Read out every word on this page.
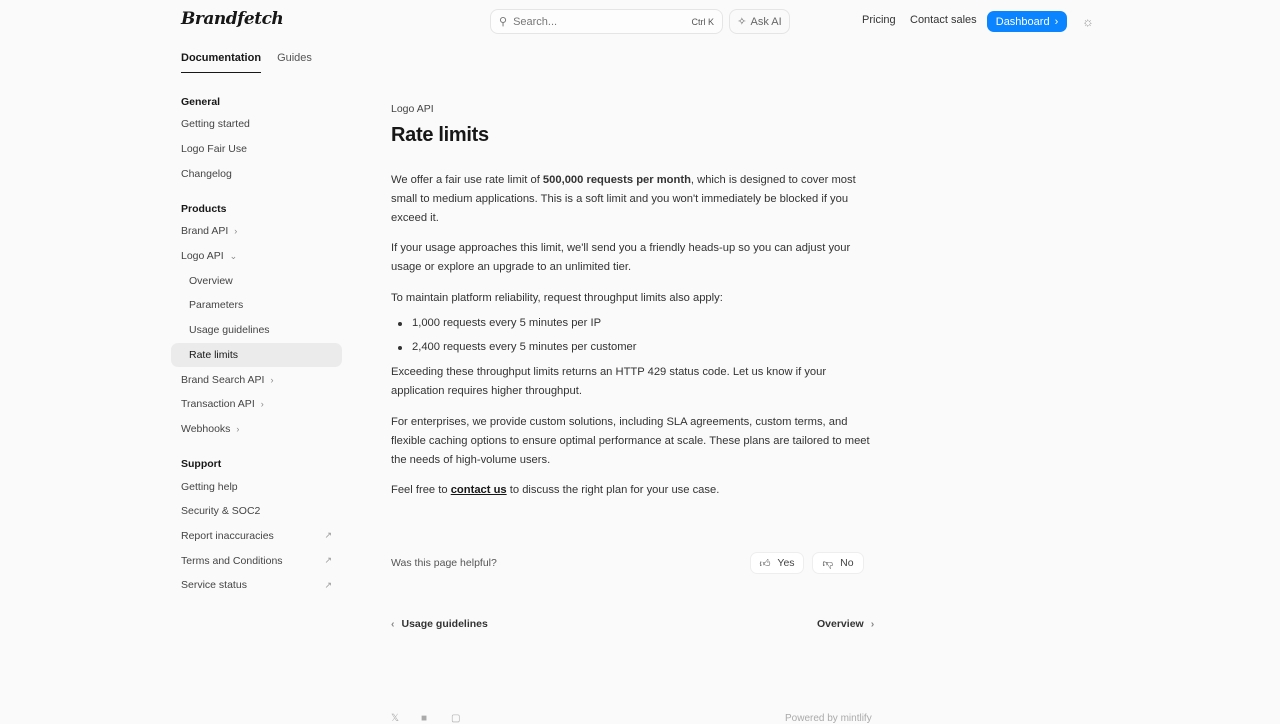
Brandfetch	⚲ Search...	Ctrl K ✧ Ask AI	Pricing Contact sales Dashboard › ☼
Documentation Guides
General
Getting started
Logo Fair Use
Changelog
Products
Brand API ›
Logo API ⌄
Overview
Parameters
Usage guidelines
Rate limits
Brand Search API ›
Transaction API ›
Webhooks ›
Support
Getting help
Security & SOC2
Report inaccuracies	↗
Terms and Conditions	↗
Service status	↗
Logo API
Rate limits

We offer a fair use rate limit of 500,000 requests per month, which is designed to cover most small to medium applications. This is a soft limit and you won't immediately be blocked if you exceed it.

If your usage approaches this limit, we'll send you a friendly heads-up so you can adjust your usage or explore an upgrade to an unlimited tier.

To maintain platform reliability, request throughput limits also apply:

1,000 requests every 5 minutes per IP
2,400 requests every 5 minutes per customer

Exceeding these throughput limits returns an HTTP 429 status code. Let us know if your application requires higher throughput.

For enterprises, we provide custom solutions, including SLA agreements, custom terms, and flexible caching options to ensure optimal performance at scale. These plans are tailored to meet the needs of high-volume users.

Feel free to contact us to discuss the right plan for your use case.

Was this page helpful?	👍︎ Yes	👎︎ No
‹ Usage guidelines	Overview ›
𝕏 ■ ▢	Powered by mintlify
